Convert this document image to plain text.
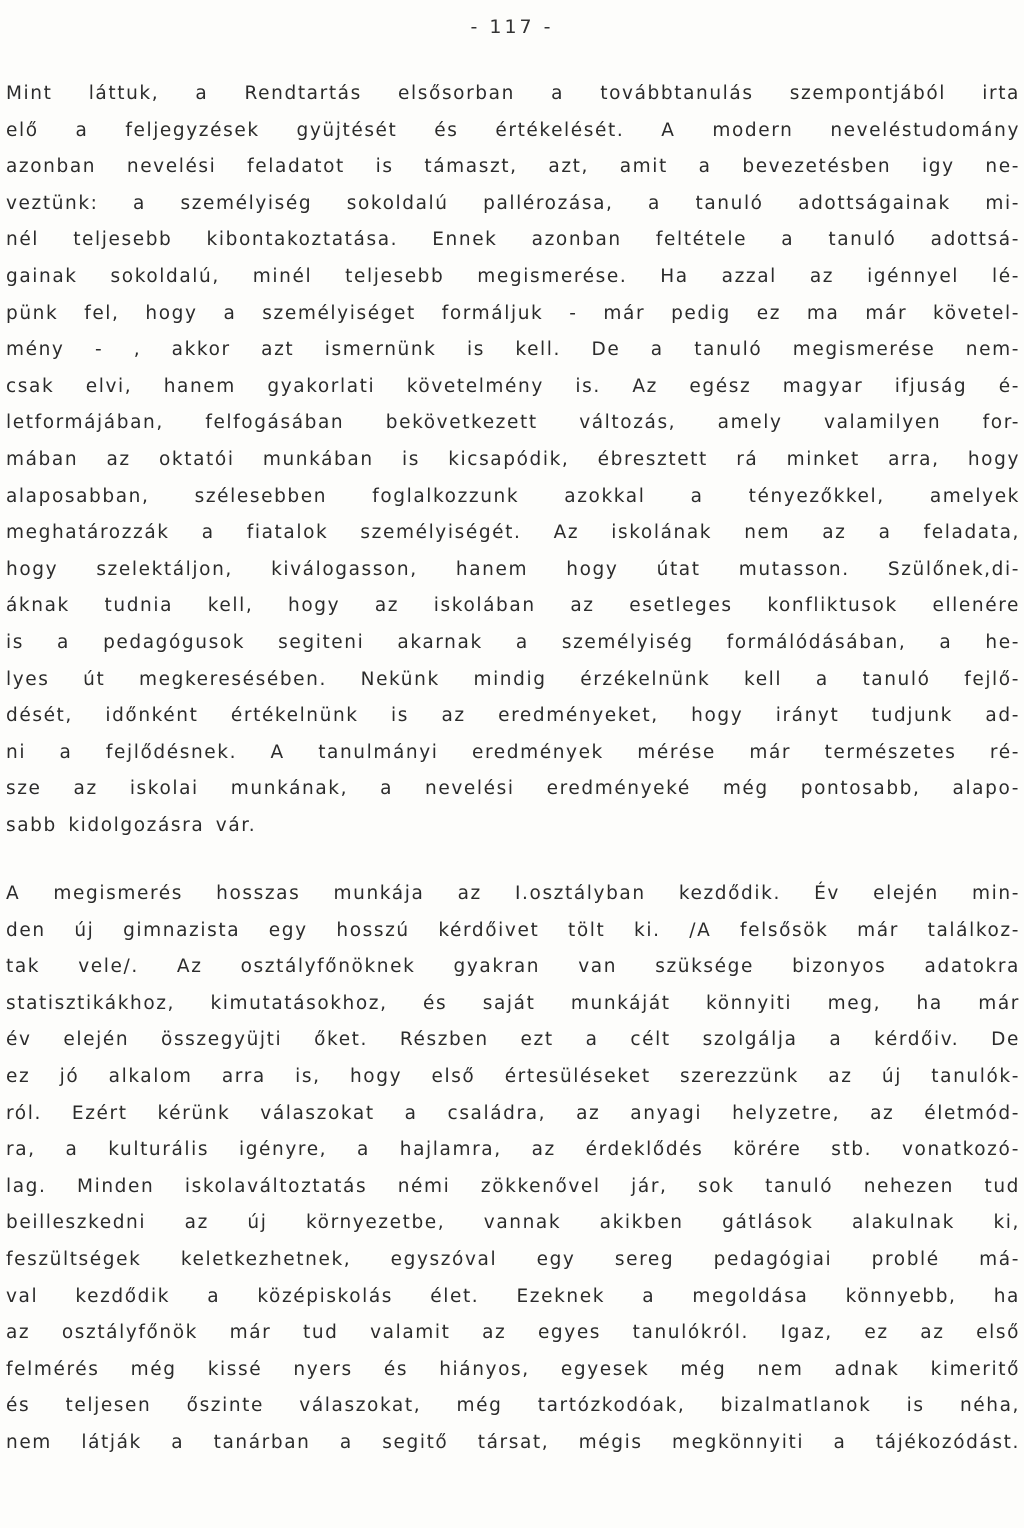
- 117 -
Mint láttuk, a Rendtartás elsősorban a továbbtanulás szempontjából irta
elő a feljegyzések gyüjtését és értékelését. A modern neveléstudomány
azonban nevelési feladatot is támaszt, azt, amit a bevezetésben igy ne-
veztünk: a személyiség sokoldalú pallérozása, a tanuló adottságainak mi-
nél teljesebb kibontakoztatása. Ennek azonban feltétele a tanuló adottsá-
gainak sokoldalú, minél teljesebb megismerése. Ha azzal az igénnyel lé-
pünk fel, hogy a személyiséget formáljuk - már pedig ez ma már követel-
mény - , akkor azt ismernünk is kell. De a tanuló megismerése nem-
csak elvi, hanem gyakorlati követelmény is. Az egész magyar ifjuság é-
letformájában, felfogásában bekövetkezett változás, amely valamilyen for-
mában az oktatói munkában is kicsapódik, ébresztett rá minket arra, hogy
alaposabban, szélesebben foglalkozzunk azokkal a tényezőkkel, amelyek
meghatározzák a fiatalok személyiségét. Az iskolának nem az a feladata,
hogy szelektáljon, kiválogasson, hanem hogy útat mutasson. Szülőnek,di-
áknak tudnia kell, hogy az iskolában az esetleges konfliktusok ellenére
is a pedagógusok segiteni akarnak a személyiség formálódásában, a he-
lyes út megkeresésében. Nekünk mindig érzékelnünk kell a tanuló fejlő-
dését, időnként értékelnünk is az eredményeket, hogy irányt tudjunk ad-
ni a fejlődésnek. A tanulmányi eredmények mérése már természetes ré-
sze az iskolai munkának, a nevelési eredményeké még pontosabb, alapo-
sabb kidolgozásra vár.
A megismerés hosszas munkája az I.osztályban kezdődik. Év elején min-
den új gimnazista egy hosszú kérdőivet tölt ki. /A felsősök már találkoz-
tak vele/. Az osztályfőnöknek gyakran van szüksége bizonyos adatokra
statisztikákhoz, kimutatásokhoz, és saját munkáját könnyiti meg, ha már
év elején összegyüjti őket. Részben ezt a célt szolgálja a kérdőiv. De
ez jó alkalom arra is, hogy első értesüléseket szerezzünk az új tanulók-
ról. Ezért kérünk válaszokat a családra, az anyagi helyzetre, az életmód-
ra, a kulturális igényre, a hajlamra, az érdeklődés körére stb. vonatkozó-
lag. Minden iskolaváltoztatás némi zökkenővel jár, sok tanuló nehezen tud
beilleszkedni az új környezetbe, vannak akikben gátlások alakulnak ki,
feszültségek keletkezhetnek, egyszóval egy sereg pedagógiai problé má-
val kezdődik a középiskolás élet. Ezeknek a megoldása könnyebb, ha
az osztályfőnök már tud valamit az egyes tanulókról. Igaz, ez az első
felmérés még kissé nyers és hiányos, egyesek még nem adnak kimeritő
és teljesen őszinte válaszokat, még tartózkodóak, bizalmatlanok is néha,
nem látják a tanárban a segitő társat, mégis megkönnyiti a tájékozódást.
